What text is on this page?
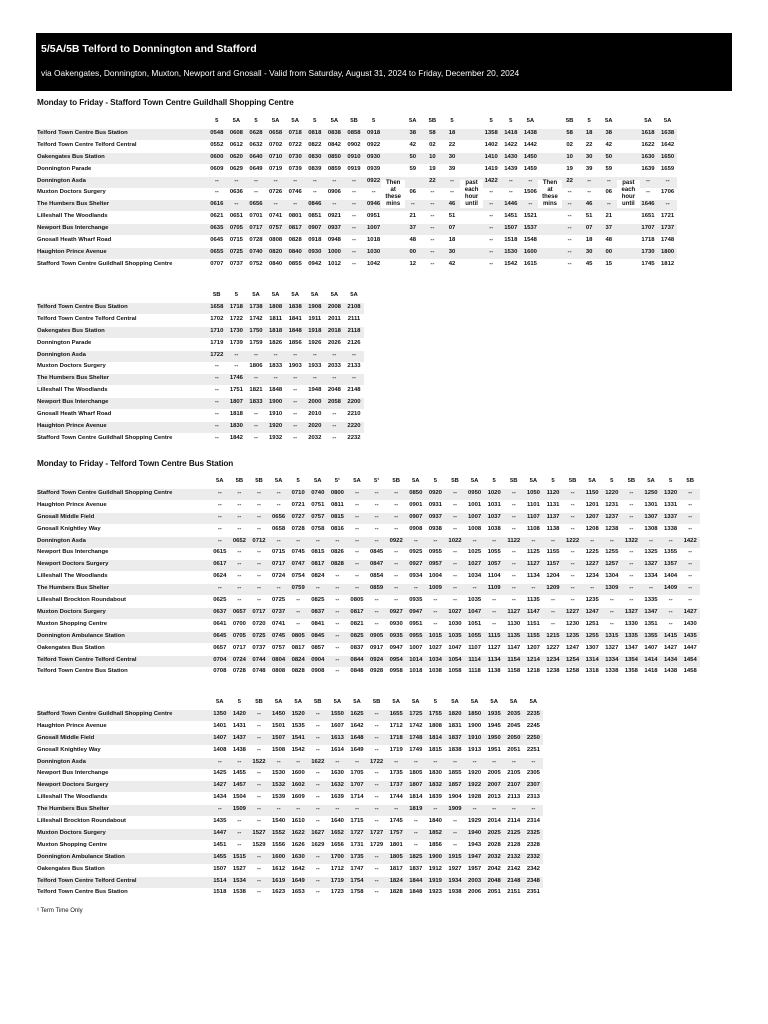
5/5A/5B Telford to Donnington and Stafford
via Oakengates, Donnington, Muxton, Newport and Gnosall - Valid from Saturday, August 31, 2024 to Friday, December 20, 2024
Monday to Friday - Stafford Town Centre Guildhall Shopping Centre
5	5A	5	5A	5A	5	5A	5B	5	5A	5B	5	5	5	5A	5B	5	5A	5A	5A
Telford Town Centre Bus Station	0548	0608	0628	0658	0718	0818	0838	0858	0918	38	58	18	1358	1418	1438	58	18	38	1618	1638
Telford Town Centre Telford Central	0552	0612	0632	0702	0722	0822	0842	0902	0922	42	02	22	1402	1422	1442	02	22	42	1622	1642
Oakengates Bus Station	0600	0620	0640	0710	0730	0830	0850	0910	0930	50	10	30	1410	1430	1450	10	30	50	1630	1650
Donnington Parade	0609	0629	0649	0719	0739	0839	0859	0919	0939	59	19	39	1419	1439	1459	19	39	59	1639	1659
Donnington Asda	--	--	--	--	--	--	--	--	0922	22	--	1422	--	--	22	--	--	--	--
Muxton Doctors Surgery	--	0636	--	0726	0746	--	0906	--	--	06	--	--	--	--	1506	--	--	06	--	1706
The Humbers Bus Shelter	0616	--	0656	--	--	0846	--	--	0946	--	--	46	--	1446	--	--	46	--	1646	--
Lilleshall The Woodlands	0621	0651	0701	0741	0801	0851	0921	--	0951	21	--	51	--	1451	1521	--	51	21	1651	1721
Newport Bus Interchange	0635	0705	0717	0757	0817	0907	0937	--	1007	37	--	07	--	1507	1537	--	07	37	1707	1737
Gnosall Heath Wharf Road	0645	0715	0728	0808	0828	0918	0948	--	1018	48	--	18	--	1518	1548	--	18	48	1718	1748
Haughton Prince Avenue	0655	0725	0740	0820	0840	0930	1000	--	1030	00	--	30	--	1530	1600	--	30	00	1730	1800
Stafford Town Centre Guildhall Shopping Centre	0707	0737	0752	0840	0855	0942	1012	--	1042	12	--	42	--	1542	1615	--	45	15	1745	1812
Then
at
these
mins
past
each
hour
until
Then
at
these
mins
past
each
hour
until
5B	5	5A	5A	5A	5A	5A	5A
Telford Town Centre Bus Station	1658	1718	1738	1808	1838	1908	2008	2108
Telford Town Centre Telford Central	1702	1722	1742	1811	1841	1911	2011	2111
Oakengates Bus Station	1710	1730	1750	1818	1848	1918	2018	2118
Donnington Parade	1719	1739	1759	1826	1856	1926	2026	2126
Donnington Asda	1722	--	--	--	--	--	--	--
Muxton Doctors Surgery	--	--	1806	1833	1903	1933	2033	2133
The Humbers Bus Shelter	--	1746	--	--	--	--	--	--
Lilleshall The Woodlands	--	1751	1821	1848	--	1948	2048	2148
Newport Bus Interchange	--	1807	1833	1900	--	2000	2058	2200
Gnosall Heath Wharf Road	--	1818	--	1910	--	2010	--	2210
Haughton Prince Avenue	--	1830	--	1920	--	2020	--	2220
Stafford Town Centre Guildhall Shopping Centre	--	1842	--	1932	--	2032	--	2232
Monday to Friday - Telford Town Centre Bus Station
5A	5B	5B	5A	5	5A	5¹	5A	5¹	5B	5A	5	5B	5A	5	5B	5A	5	5B	5A	5	5B	5A	5	5B
Stafford Town Centre Guildhall Shopping Centre	--	--	--	--	0710	0740	0800	--	--	--	0850	0920	--	0950	1020	--	1050	1120	--	1150	1220	--	1250	1320	--
Haughton Prince Avenue	--	--	--	--	0721	0751	0811	--	--	--	0901	0931	--	1001	1031	--	1101	1131	--	1201	1231	--	1301	1331	--
Gnosall Middle Field	--	--	--	0656	0727	0757	0815	--	--	--	0907	0937	--	1007	1037	--	1107	1137	--	1207	1237	--	1307	1337	--
Gnosall Knightley Way	--	--	--	0658	0728	0758	0816	--	--	--	0908	0938	--	1008	1038	--	1108	1138	--	1208	1238	--	1308	1338	--
Donnington Asda	--	0652	0712	--	--	--	--	--	--	0922	--	--	1022	--	--	1122	--	--	1222	--	--	1322	--	--	1422
Newport Bus Interchange	0615	--	--	0715	0745	0815	0826	--	0845	--	0925	0955	--	1025	1055	--	1125	1155	--	1225	1255	--	1325	1355	--
Newport Doctors Surgery	0617	--	--	0717	0747	0817	0828	--	0847	--	0927	0957	--	1027	1057	--	1127	1157	--	1227	1257	--	1327	1357	--
Lilleshall The Woodlands	0624	--	--	0724	0754	0824	--	--	0854	--	0934	1004	--	1034	1104	--	1134	1204	--	1234	1304	--	1334	1404	--
The Humbers Bus Shelter	--	--	--	--	0759	--	--	--	0859	--	--	1009	--	--	1109	--	--	1209	--	--	1309	--	--	1409	--
Lilleshall Brockton Roundabout	0625	--	--	0725	--	0825	--	0805	--	--	0935	--	--	1035	--	--	1135	--	--	1235	--	--	1335	--	--
Muxton Doctors Surgery	0637	0657	0717	0737	--	0837	--	0817	--	0927	0947	--	1027	1047	--	1127	1147	--	1227	1247	--	1327	1347	--	1427
Muxton Shopping Centre	0641	0700	0720	0741	--	0841	--	0821	--	0930	0951	--	1030	1051	--	1130	1151	--	1230	1251	--	1330	1351	--	1430
Donnington Ambulance Station	0645	0705	0725	0745	0805	0845	--	0825	0905	0935	0955	1015	1035	1055	1115	1135	1155	1215	1235	1255	1315	1335	1355	1415	1435
Oakengates Bus Station	0657	0717	0737	0757	0817	0857	--	0837	0917	0947	1007	1027	1047	1107	1127	1147	1207	1227	1247	1307	1327	1347	1407	1427	1447
Telford Town Centre Telford Central	0704	0724	0744	0804	0824	0904	--	0844	0924	0954	1014	1034	1054	1114	1134	1154	1214	1234	1254	1314	1334	1354	1414	1434	1454
Telford Town Centre Bus Station	0708	0728	0748	0808	0828	0908	--	0848	0928	0958	1018	1038	1058	1118	1138	1158	1218	1238	1258	1318	1338	1358	1418	1438	1458
5A	5	5B	5A	5A	5B	5A	5A	5B	5A	5A	5	5A	5A	5A	5A	5A
Stafford Town Centre Guildhall Shopping Centre	1350	1420	--	1450	1520	--	1550	1625	--	1655	1725	1755	1820	1850	1935	2035	2235
Haughton Prince Avenue	1401	1431	--	1501	1535	--	1607	1642	--	1712	1742	1808	1831	1900	1945	2045	2245
Gnosall Middle Field	1407	1437	--	1507	1541	--	1613	1648	--	1718	1748	1814	1837	1910	1950	2050	2250
Gnosall Knightley Way	1408	1438	--	1508	1542	--	1614	1649	--	1719	1749	1815	1838	1913	1951	2051	2251
Donnington Asda	--	--	1522	--	--	1622	--	--	1722	--	--	--	--	--	--	--	--
Newport Bus Interchange	1425	1455	--	1530	1600	--	1630	1705	--	1735	1805	1830	1855	1920	2005	2105	2305
Newport Doctors Surgery	1427	1457	--	1532	1602	--	1632	1707	--	1737	1807	1832	1857	1922	2007	2107	2307
Lilleshall The Woodlands	1434	1504	--	1539	1609	--	1639	1714	--	1744	1814	1839	1904	1928	2013	2113	2313
The Humbers Bus Shelter	--	1509	--	--	--	--	--	--	--	--	1819	--	1909	--	--	--	--
Lilleshall Brockton Roundabout	1435	--	--	1540	1610	--	1640	1715	--	1745	--	1840	--	1929	2014	2114	2314
Muxton Doctors Surgery	1447	--	1527	1552	1622	1627	1652	1727	1727	1757	--	1852	--	1940	2025	2125	2325
Muxton Shopping Centre	1451	--	1529	1556	1626	1629	1656	1731	1729	1801	--	1856	--	1943	2028	2128	2328
Donnington Ambulance Station	1455	1515	--	1600	1630	--	1700	1735	--	1805	1825	1900	1915	1947	2032	2132	2332
Oakengates Bus Station	1507	1527	--	1612	1642	--	1712	1747	--	1817	1837	1912	1927	1957	2042	2142	2342
Telford Town Centre Telford Central	1514	1534	--	1619	1649	--	1719	1754	--	1824	1844	1919	1934	2003	2048	2148	2348
Telford Town Centre Bus Station	1518	1538	--	1623	1653	--	1723	1758	--	1828	1848	1923	1938	2006	2051	2151	2351
¹ Term Time Only
